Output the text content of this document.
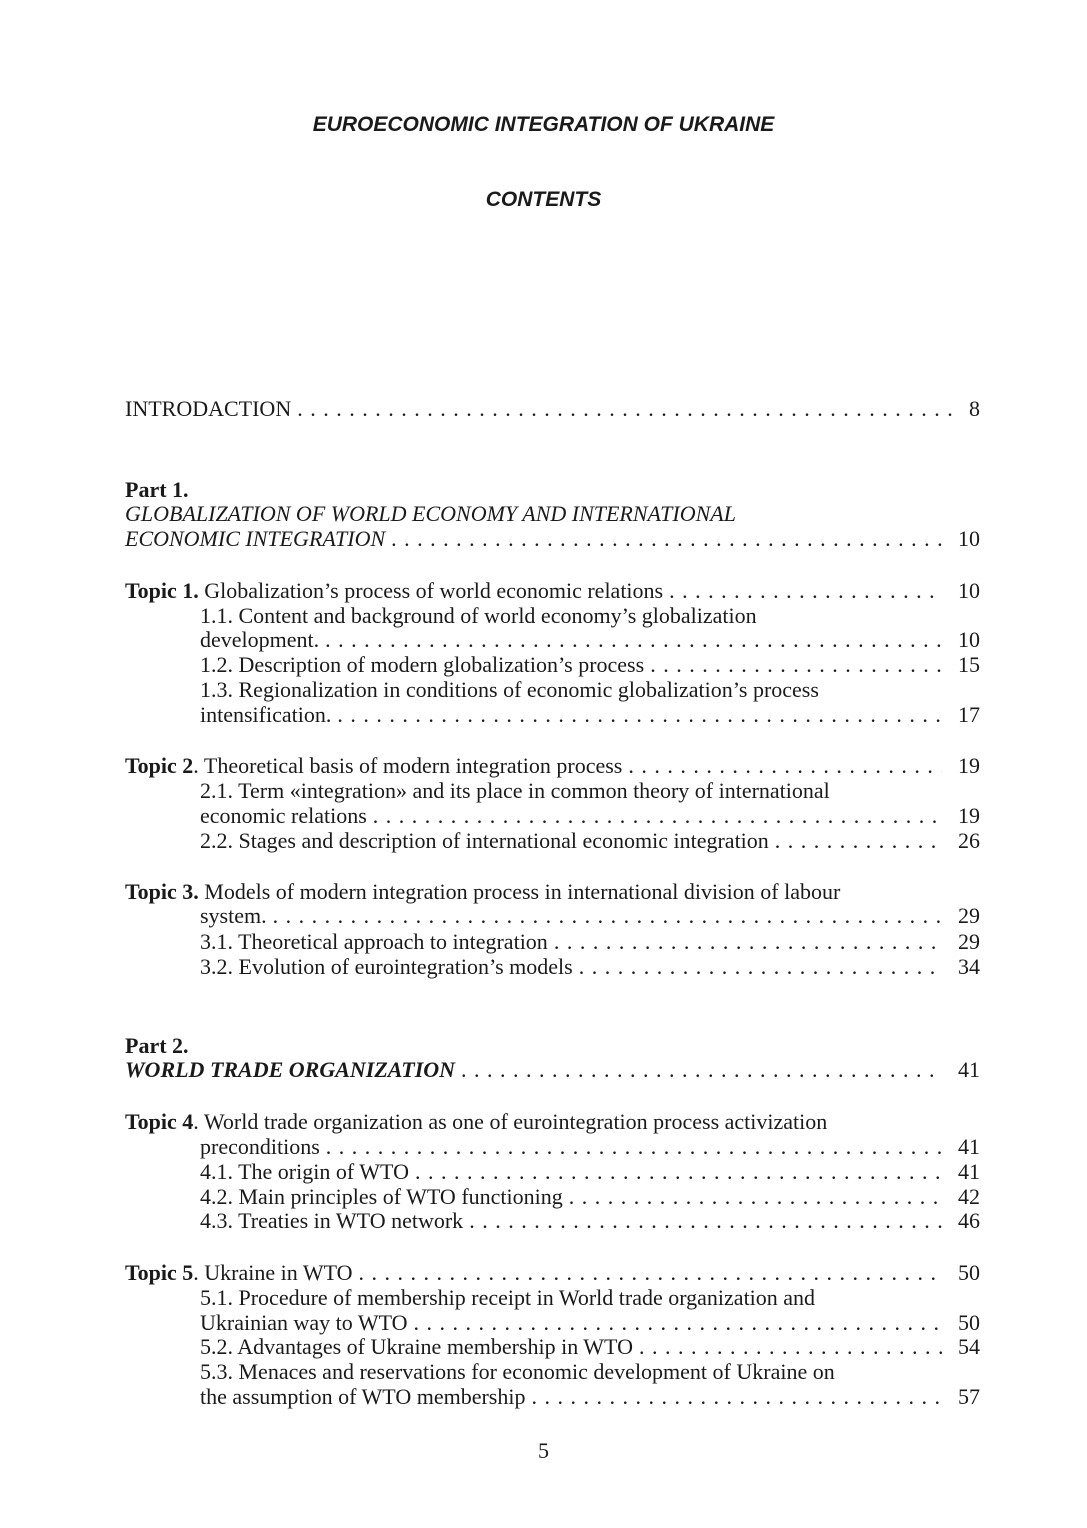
EUROECONOMIC INTEGRATION OF UKRAINE
CONTENTS
INTRODACTION . . .	8
Part 1.
GLOBALIZATION OF WORLD ECONOMY AND INTERNATIONAL
ECONOMIC INTEGRATION . . .	10
Topic 1. Globalization’s process of world economic relations . . .	10
1.1. Content and background of world economy’s globalization
development. . . .	10
1.2. Description of modern globalization’s process . . .	15
1.3. Regionalization in conditions of economic globalization’s process
intensification. . . .	17
Topic 2. Theoretical basis of modern integration process . . .	19
2.1. Term «integration» and its place in common theory of international
economic relations . . .	19
2.2. Stages and description of international economic integration . . .	26
Topic 3. Models of modern integration process in international division of labour
system. . . .	29
3.1. Theoretical approach to integration . . .	29
3.2. Evolution of eurointegration’s models . . .	34
Part 2.
WORLD TRADE ORGANIZATION . . .	41
Topic 4. World trade organization as one of eurointegration process activization
preconditions . . .	41
4.1. The origin of WTO . . .	41
4.2. Main principles of WTO functioning . . .	42
4.3. Treaties in WTO network . . .	46
Topic 5. Ukraine in WTO . . .	50
5.1. Procedure of membership receipt in World trade organization and
Ukrainian way to WTO . . .	50
5.2. Advantages of Ukraine membership in WTO . . .	54
5.3. Menaces and reservations for economic development of Ukraine on
the assumption of WTO membership . . .	57
5
